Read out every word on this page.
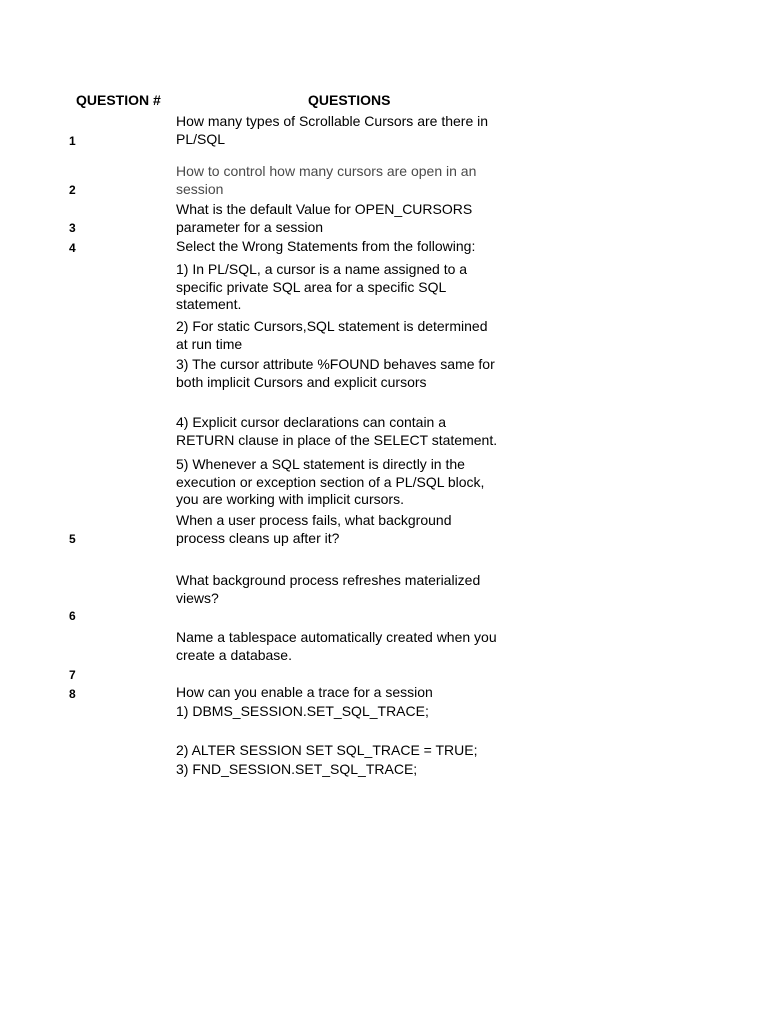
QUESTION #	QUESTIONS
1
2
3
4
5
6
7
8
How many types of Scrollable Cursors are there in
PL/SQL
How to control how many cursors are open in an
session
What is the default Value for OPEN_CURSORS
parameter for a session
Select the Wrong Statements from the following:
1) In PL/SQL, a cursor is a name assigned to a
specific private SQL area for a specific SQL
statement.
2) For static Cursors,SQL statement is determined
at run time
3) The cursor attribute %FOUND behaves same for
both implicit Cursors and explicit cursors
4) Explicit cursor declarations can contain a
RETURN clause in place of the SELECT statement.
5) Whenever a SQL statement is directly in the
execution or exception section of a PL/SQL block,
you are working with implicit cursors.
When a user process fails, what background
process cleans up after it?
What background process refreshes materialized
views?
Name a tablespace automatically created when you
create a database.
How can you enable a trace for a session
1) DBMS_SESSION.SET_SQL_TRACE;
2) ALTER SESSION SET SQL_TRACE = TRUE;
3) FND_SESSION.SET_SQL_TRACE;
